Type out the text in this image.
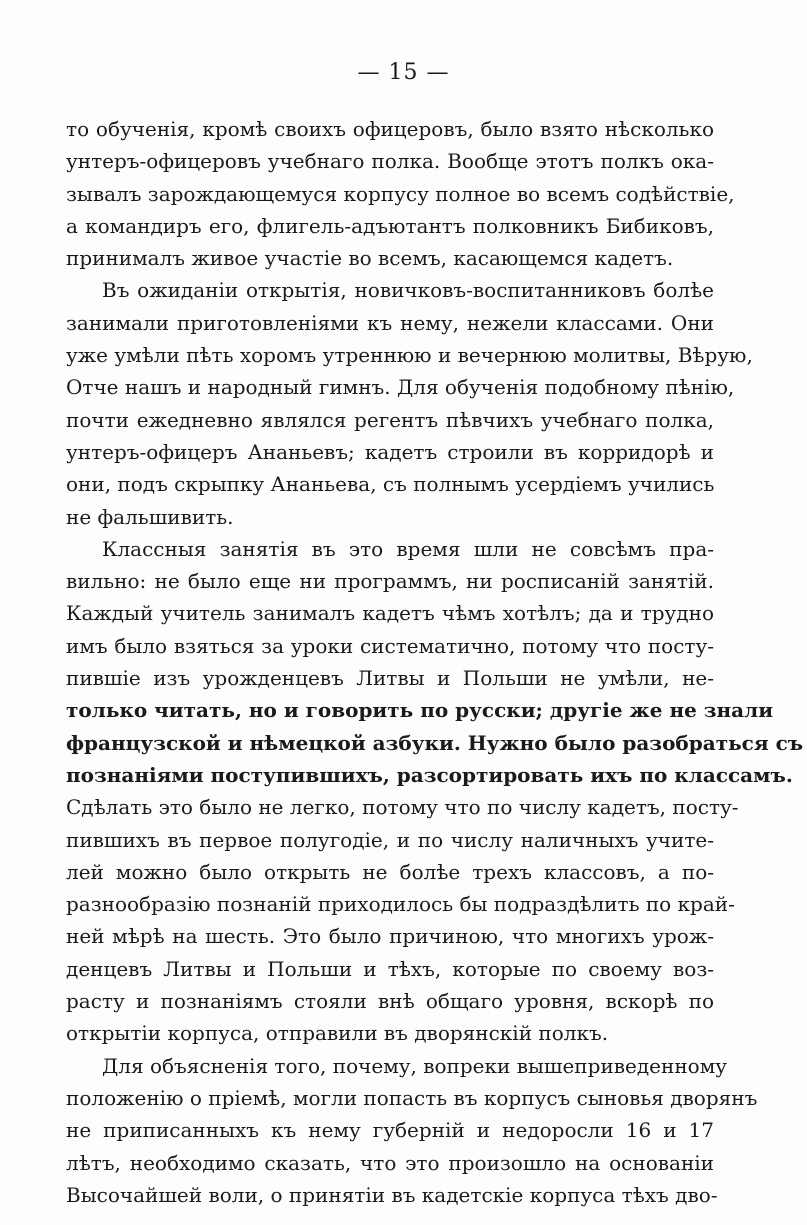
— 15 —
то обученія, кромѣ своихъ офицеровъ, было взято нѣсколько
унтеръ-офицеровъ учебнаго полка. Вообще этотъ полкъ ока-
зывалъ зарождающемуся корпусу полное во всемъ содѣйствіе,
а командиръ его, флигель-адъютантъ полковникъ Бибиковъ,
принималъ живое участіе во всемъ, касающемся кадетъ.
Въ ожиданіи открытія, новичковъ-воспитанниковъ болѣе
занимали приготовленіями къ нему, нежели классами. Они
уже умѣли пѣть хоромъ утреннюю и вечернюю молитвы, Вѣрую,
Отче нашъ и народный гимнъ. Для обученія подобному пѣнію,
почти ежедневно являлся регентъ пѣвчихъ учебнаго полка,
унтеръ-офицеръ Ананьевъ; кадетъ строили въ корридорѣ и
они, подъ скрыпку Ананьева, съ полнымъ усердіемъ учились
не фальшивить.
Классныя занятія въ это время шли не совсѣмъ пра-
вильно: не было еще ни программъ, ни росписаній занятій.
Каждый учитель занималъ кадетъ чѣмъ хотѣлъ; да и трудно
имъ было взяться за уроки систематично, потому что посту-
пившіе изъ урожденцевъ Литвы и Польши не умѣли, не-
только читать, но и говорить по русски; другіе же не знали
французской и нѣмецкой азбуки. Нужно было разобраться съ
познаніями поступившихъ, разсортировать ихъ по классамъ.
Сдѣлать это было не легко, потому что по числу кадетъ, посту-
пившихъ въ первое полугодіе, и по числу наличныхъ учите-
лей можно было открыть не болѣе трехъ классовъ, а по-
разнообразію познаній приходилось бы подраздѣлить по край-
ней мѣрѣ на шесть. Это было причиною, что многихъ урож-
денцевъ Литвы и Польши и тѣхъ, которые по своему воз-
расту и познаніямъ стояли внѣ общаго уровня, вскорѣ по
открытіи корпуса, отправили въ дворянскій полкъ.
Для объясненія того, почему, вопреки вышеприведенному
положенію о пріемѣ, могли попасть въ корпусъ сыновья дворянъ
не приписанныхъ къ нему губерній и недоросли 16 и 17
лѣтъ, необходимо сказать, что это произошло на основаніи
Высочайшей воли, о принятіи въ кадетскіе корпуса тѣхъ дво-
